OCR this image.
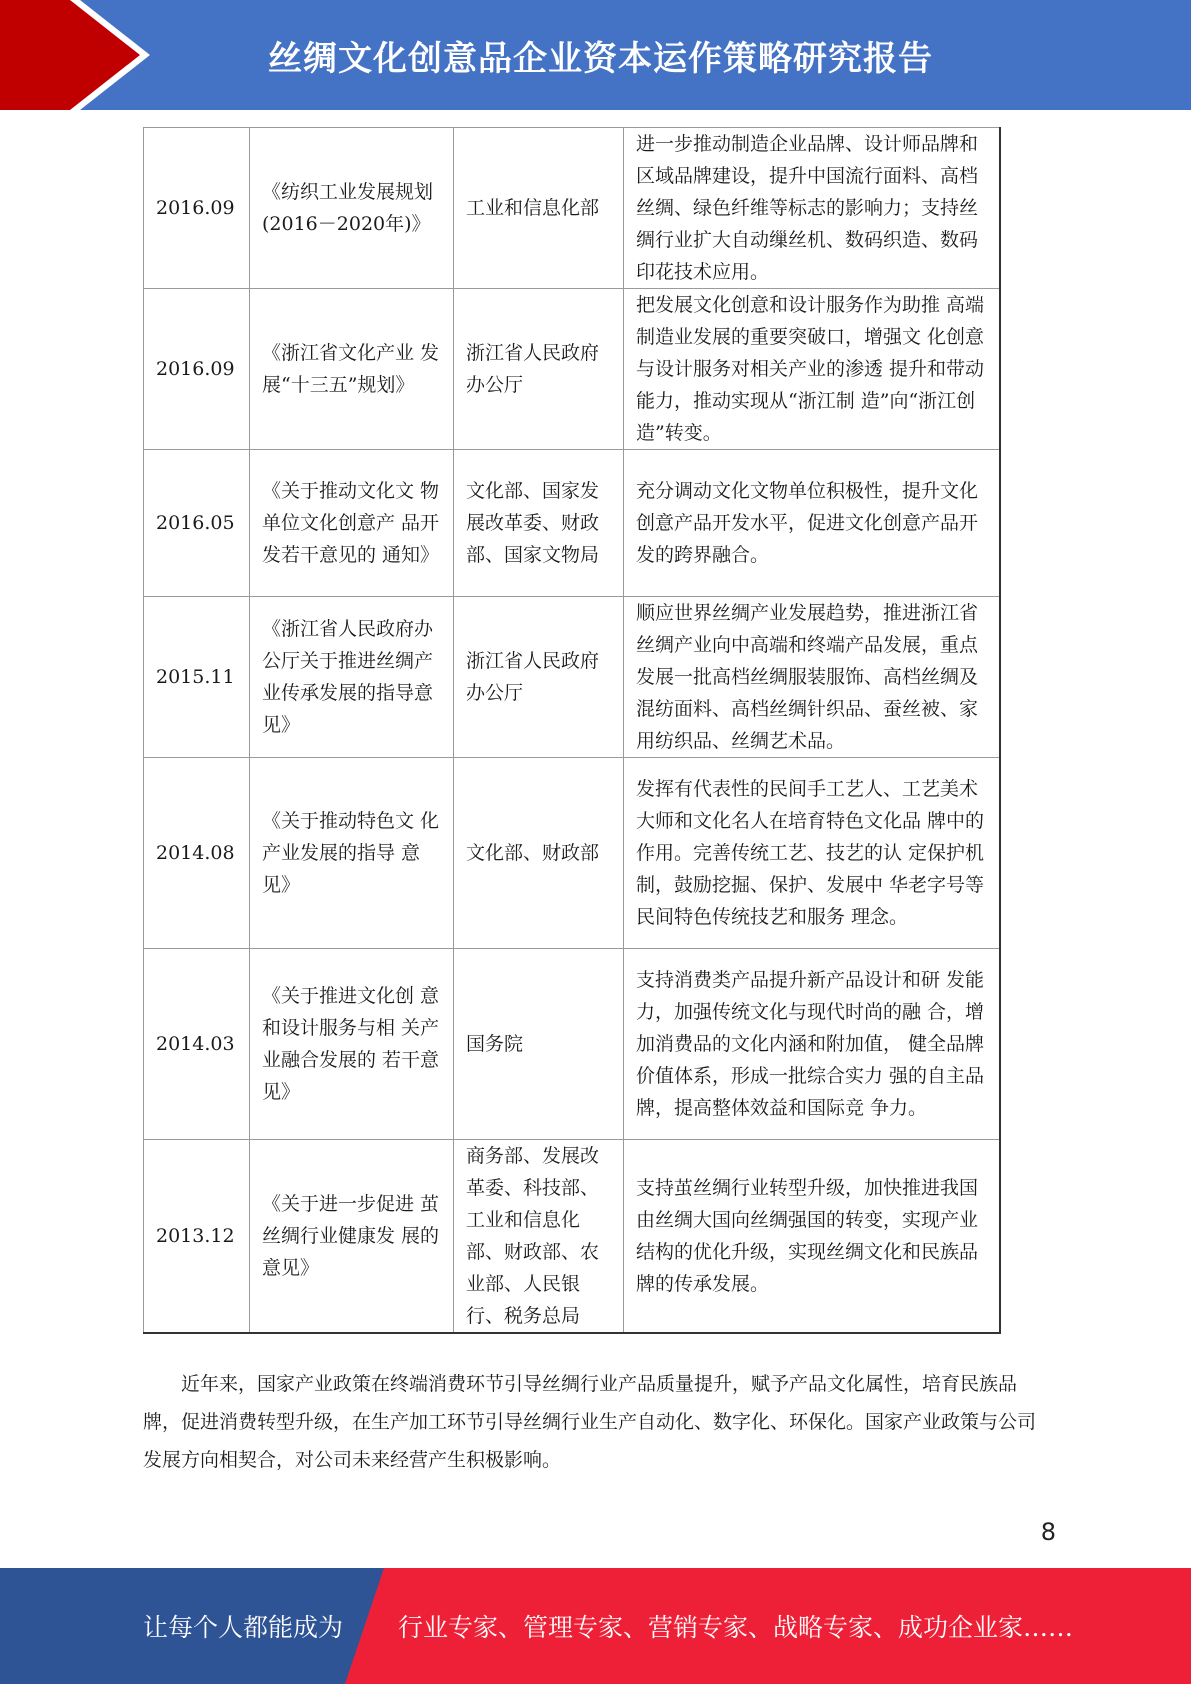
丝绸文化创意品企业资本运作策略研究报告
2016.09	《纺织工业发展规划(2016－2020年)》	工业和信息化部	进一步推动制造企业品牌、设计师品牌和区域品牌建设，提升中国流行面料、高档丝绸、绿色纤维等标志的影响力；支持丝绸行业扩大自动缫丝机、数码织造、数码印花技术应用。
2016.09	《浙江省文化产业 发展“十三五”规划》	浙江省人民政府 办公厅	把发展文化创意和设计服务作为助推 高端制造业发展的重要突破口，增强文 化创意与设计服务对相关产业的渗透 提升和带动能力，推动实现从“浙江制 造”向“浙江创造”转变。
2016.05	《关于推动文化文 物单位文化创意产 品开发若干意见的 通知》	文化部、国家发 展改革委、财政 部、国家文物局	充分调动文化文物单位积极性，提升文化创意产品开发水平，促进文化创意产品开发的跨界融合。
2015.11	《浙江省人民政府办公厅关于推进丝绸产业传承发展的指导意见》	浙江省人民政府办公厅	顺应世界丝绸产业发展趋势，推进浙江省丝绸产业向中高端和终端产品发展，重点发展一批高档丝绸服装服饰、高档丝绸及混纺面料、高档丝绸针织品、蚕丝被、家用纺织品、丝绸艺术品。
2014.08	《关于推动特色文 化产业发展的指导 意见》	文化部、财政部	发挥有代表性的民间手工艺人、工艺美术大师和文化名人在培育特色文化品 牌中的作用。完善传统工艺、技艺的认 定保护机制，鼓励挖掘、保护、发展中 华老字号等民间特色传统技艺和服务 理念。
2014.03	《关于推进文化创 意和设计服务与相 关产业融合发展的 若干意见》	国务院	支持消费类产品提升新产品设计和研 发能力，加强传统文化与现代时尚的融 合，增加消费品的文化内涵和附加值， 健全品牌价值体系，形成一批综合实力 强的自主品牌，提高整体效益和国际竞 争力。
2013.12	《关于进一步促进 茧丝绸行业健康发 展的意见》	商务部、发展改革委、科技部、工业和信息化部、财政部、农业部、人民银行、税务总局	支持茧丝绸行业转型升级，加快推进我国由丝绸大国向丝绸强国的转变，实现产业结构的优化升级，实现丝绸文化和民族品牌的传承发展。

近年来，国家产业政策在终端消费环节引导丝绸行业产品质量提升，赋予产品文化属性，培育民族品牌，促进消费转型升级，在生产加工环节引导丝绸行业生产自动化、数字化、环保化。国家产业政策与公司发展方向相契合，对公司未来经营产生积极影响。

8
让每个人都能成为 行业专家、管理专家、营销专家、战略专家、成功企业家……
